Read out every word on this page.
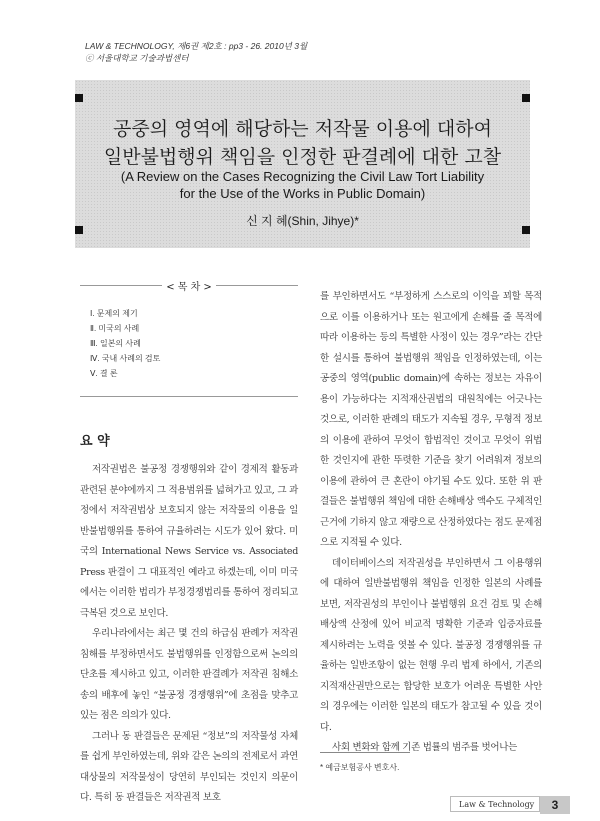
LAW & TECHNOLOGY, 제6권 제2호 : pp3 - 26. 2010년 3월
ⓒ 서울대학교 기술과법센터
공중의 영역에 해당하는 저작물 이용에 대하여
일반불법행위 책임을 인정한 판결례에 대한 고찰
(A Review on the Cases Recognizing the Civil Law Tort Liability
for the Use of the Works in Public Domain)
신 지 혜(Shin, Jihye)*
< 목 차 >
Ⅰ. 문제의 제기
Ⅱ. 미국의 사례
Ⅲ. 일본의 사례
Ⅳ. 국내 사례의 검토
Ⅴ. 결 론
요 약

저작권법은 불공정 경쟁행위와 같이 경제적 활동과 관련된 분야에까지 그 적용범위를 넓혀가고 있고, 그 과정에서 저작권법상 보호되지 않는 저작물의 이용을 일반불법행위를 통하여 규율하려는 시도가 있어 왔다. 미국의 International News Service vs. Associated Press 판결이 그 대표적인 예라고 하겠는데, 이미 미국에서는 이러한 법리가 부정경쟁법리를 통하여 정리되고 극복된 것으로 보인다.

우리나라에서는 최근 몇 건의 하급심 판례가 저작권 침해를 부정하면서도 불법행위를 인정함으로써 논의의 단초를 제시하고 있고, 이러한 판결례가 저작권 침해소송의 배후에 놓인 “불공정 경쟁행위”에 초점을 맞추고 있는 점은 의의가 있다.

그러나 동 판결들은 문제된 “정보”의 저작물성 자체를 쉽게 부인하였는데, 위와 같은 논의의 전제로서 과연 대상물의 저작물성이 당연히 부인되는 것인지 의문이다. 특히 동 판결들은 저작권적 보호

를 부인하면서도 “부정하게 스스로의 이익을 꾀할 목적으로 이를 이용하거나 또는 원고에게 손해를 줄 목적에 따라 이용하는 등의 특별한 사정이 있는 경우”라는 간단한 설시를 통하여 불법행위 책임을 인정하였는데, 이는 공중의 영역(public domain)에 속하는 정보는 자유이용이 가능하다는 지적재산권법의 대원칙에는 어긋나는 것으로, 이러한 판례의 태도가 지속될 경우, 무형적 정보의 이용에 관하여 무엇이 합법적인 것이고 무엇이 위법한 것인지에 관한 뚜렷한 기준을 찾기 어려워져 정보의 이용에 관하여 큰 혼란이 야기될 수도 있다. 또한 위 판결들은 불법행위 책임에 대한 손해배상 액수도 구체적인 근거에 기하지 않고 재량으로 산정하였다는 점도 문제점으로 지적될 수 있다.

데이터베이스의 저작권성을 부인하면서 그 이용행위에 대하여 일반불법행위 책임을 인정한 일본의 사례를 보면, 저작권성의 부인이나 불법행위 요건 검토 및 손해배상액 산정에 있어 비교적 명확한 기준과 입증자료를 제시하려는 노력을 엿볼 수 있다. 불공정 경쟁행위를 규율하는 일반조항이 없는 현행 우리 법제 하에서, 기존의 지적재산권만으로는 합당한 보호가 어려운 특별한 사안의 경우에는 이러한 일본의 태도가 참고될 수 있을 것이다.

사회 변화와 함께 기존 법률의 범주를 벗어나는

* 예금보험공사 변호사.
Law & Technology	3
